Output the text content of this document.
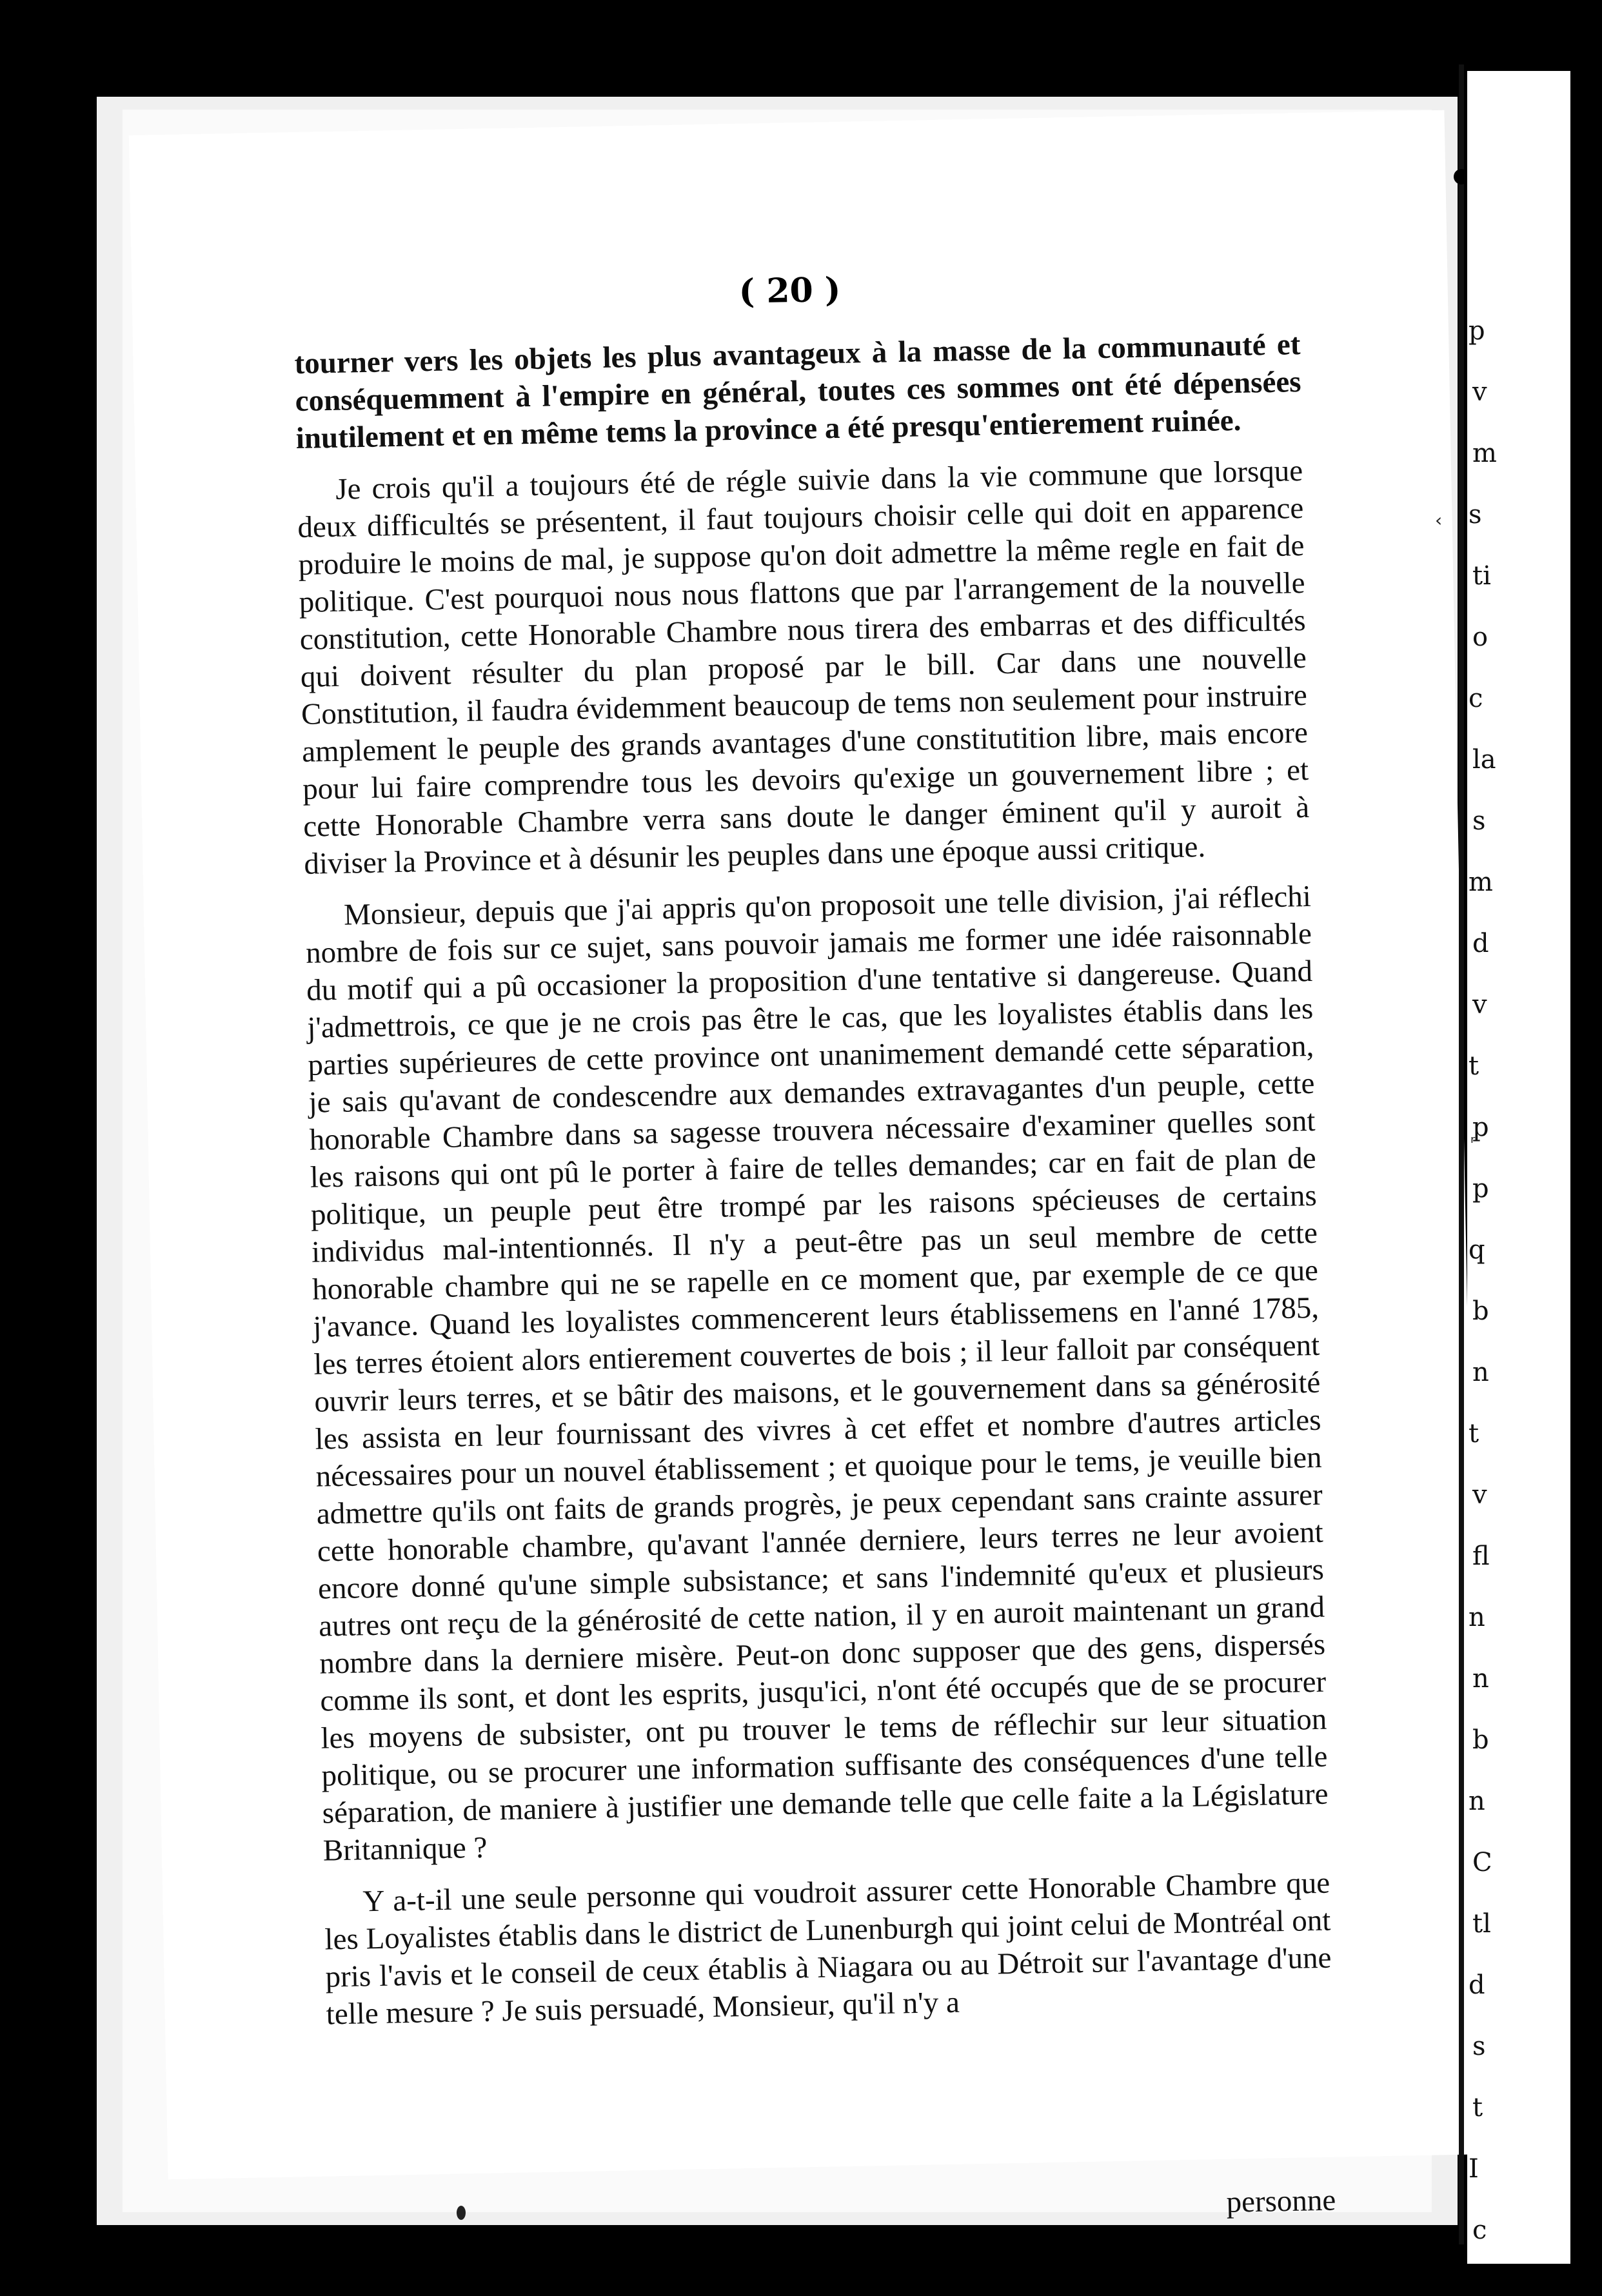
( 20 )

tourner vers les objets les plus avantageux à la masse de la communauté et conséquemment à l'empire en général, toutes ces sommes ont été dépensées inutilement et en même tems la province a été presqu'entierement ruinée.

Je crois qu'il a toujours été de régle suivie dans la vie commune que lorsque deux difficultés se présentent, il faut toujours choisir celle qui doit en apparence produire le moins de mal, je suppose qu'on doit admettre la même regle en fait de politique. C'est pourquoi nous nous flattons que par l'arrangement de la nouvelle constitution, cette Honorable Chambre nous tirera des embarras et des difficultés qui doivent résulter du plan proposé par le bill. Car dans une nouvelle Constitution, il faudra évidemment beaucoup de tems non seulement pour instruire amplement le peuple des grands avantages d'une constitutition libre, mais encore pour lui faire comprendre tous les devoirs qu'exige un gouvernement libre ; et cette Honorable Chambre verra sans doute le danger éminent qu'il y auroit à diviser la Province et à désunir les peuples dans une époque aussi critique.

Monsieur, depuis que j'ai appris qu'on proposoit une telle division, j'ai réflechi nombre de fois sur ce sujet, sans pouvoir jamais me former une idée raisonnable du motif qui a pû occasioner la proposition d'une tentative si dangereuse. Quand j'admettrois, ce que je ne crois pas être le cas, que les loyalistes établis dans les parties supérieures de cette province ont unanimement demandé cette séparation, je sais qu'avant de condescendre aux demandes extravagantes d'un peuple, cette honorable Chambre dans sa sagesse trouvera nécessaire d'examiner quelles sont les raisons qui ont pû le porter à faire de telles demandes; car en fait de plan de politique, un peuple peut être trompé par les raisons spécieuses de certains individus mal-intentionnés. Il n'y a peut-être pas un seul membre de cette honorable chambre qui ne se rapelle en ce moment que, par exemple de ce que j'avance. Quand les loyalistes commencerent leurs établissemens en l'anné 1785, les terres étoient alors entierement couvertes de bois ; il leur falloit par conséquent ouvrir leurs terres, et se bâtir des maisons, et le gouvernement dans sa générosité les assista en leur fournissant des vivres à cet effet et nombre d'autres articles nécessaires pour un nouvel établissement ; et quoique pour le tems, je veuille bien admettre qu'ils ont faits de grands progrès, je peux cependant sans crainte assurer cette honorable chambre, qu'avant l'année derniere, leurs terres ne leur avoient encore donné qu'une simple subsistance; et sans l'indemnité qu'eux et plusieurs autres ont reçu de la générosité de cette nation, il y en auroit maintenant un grand nombre dans la derniere misère. Peut-on donc supposer que des gens, dispersés comme ils sont, et dont les esprits, jusqu'ici, n'ont été occupés que de se procurer les moyens de subsister, ont pu trouver le tems de réflechir sur leur situation politique, ou se procurer une information suffisante des conséquences d'une telle séparation, de maniere à justifier une demande telle que celle faite a la Législature Britannique ?

Y a-t-il une seule personne qui voudroit assurer cette Honorable Chambre que les Loyalistes établis dans le district de Lunenburgh qui joint celui de Montréal ont pris l'avis et le conseil de ceux établis à Niagara ou au Détroit sur l'avantage d'une telle mesure ? Je suis persuadé, Monsieur, qu'il n'y a

personne
p
v
m
s
ti
o
c
la
s
m
d
v
t
p
p
q
b
n
t
v
fl
n
n
b
n
C
tl
d
s
t
I
c
‹
ʳ
